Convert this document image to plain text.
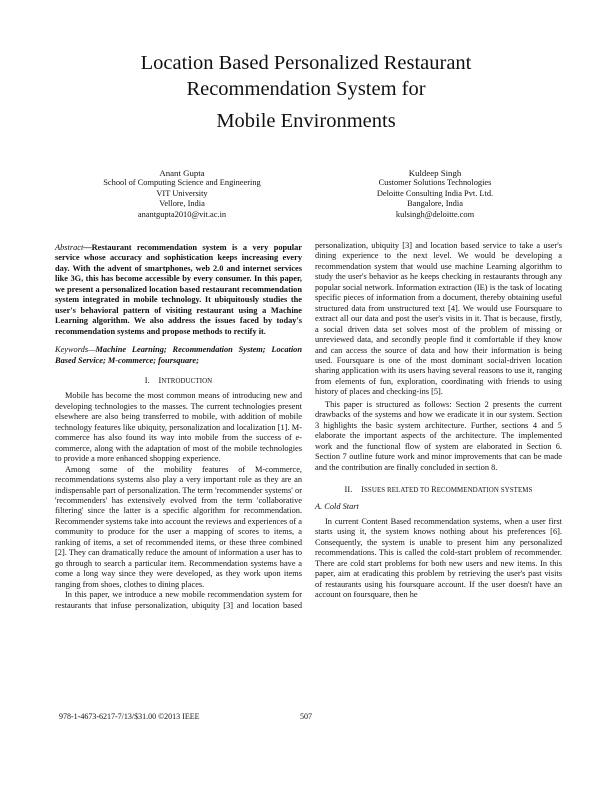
Location Based Personalized Restaurant
Recommendation System for
Mobile Environments
Anant Gupta
School of Computing Science and Engineering
VIT University
Vellore, India
anantgupta2010@vit.ac.in
Kuldeep Singh
Customer Solutions Technologies
Deloitte Consulting India Pvt. Ltd.
Bangalore, India
kulsingh@deloitte.com

Abstract—Restaurant recommendation system is a very popular service whose accuracy and sophistication keeps increasing every day. With the advent of smartphones, web 2.0 and internet services like 3G, this has become accessible by every consumer. In this paper, we present a personalized location based restaurant recommendation system integrated in mobile technology. It ubiquitously studies the user's behavioral pattern of visiting restaurant using a Machine Learning algorithm. We also address the issues faced by today's recommendation systems and propose methods to rectify it.

Keywords—Machine Learning; Recommendation System; Location Based Service; M-commerce; foursquare;

I. INTRODUCTION

Mobile has become the most common means of introducing new and developing technologies to the masses. The current technologies present elsewhere are also being transferred to mobile, with addition of mobile technology features like ubiquity, personalization and localization [1]. M-commerce has also found its way into mobile from the success of e-commerce, along with the adaptation of most of the mobile technologies to provide a more enhanced shopping experience.

Among some of the mobility features of M-commerce, recommendations systems also play a very important role as they are an indispensable part of personalization. The term 'recommender systems' or 'recommenders' has extensively evolved from the term 'collaborative filtering' since the latter is a specific algorithm for recommendation. Recommender systems take into account the reviews and experiences of a community to produce for the user a mapping of scores to items, a ranking of items, a set of recommended items, or these three combined [2]. They can dramatically reduce the amount of information a user has to go through to search a particular item. Recommendation systems have a come a long way since they were developed, as they work upon items ranging from shoes, clothes to dining places.

In this paper, we introduce a new mobile recommendation system for restaurants that infuse personalization, ubiquity [3] and location based

personalization, ubiquity [3] and location based service to take a user's dining experience to the next level. We would be developing a recommendation system that would use machine Learning algorithm to study the user's behavior as he keeps checking in restaurants through any popular social network. Information extraction (IE) is the task of locating specific pieces of information from a document, thereby obtaining useful structured data from unstructured text [4]. We would use Foursquare to extract all our data and post the user's visits in it. That is because, firstly, a social driven data set solves most of the problem of missing or unreviewed data, and secondly people find it comfortable if they know and can access the source of data and how their information is being used. Foursquare is one of the most dominant social-driven location sharing application with its users having several reasons to use it, ranging from elements of fun, exploration, coordinating with friends to using history of places and checking-ins [5].

This paper is structured as follows: Section 2 presents the current drawbacks of the systems and how we eradicate it in our system. Section 3 highlights the basic system architecture. Further, sections 4 and 5 elaborate the important aspects of the architecture. The implemented work and the functional flow of system are elaborated in Section 6. Section 7 outline future work and minor improvements that can be made and the contribution are finally concluded in section 8.

II. ISSUES RELATED TO RECOMMENDATION SYSTEMS
A. Cold Start

In current Content Based recommendation systems, when a user first starts using it, the system knows nothing about his preferences [6]. Consequently, the system is unable to present him any personalized recommendations. This is called the cold-start problem of recommender. There are cold start problems for both new users and new items. In this paper, aim at eradicating this problem by retrieving the user's past visits of restaurants using his foursquare account. If the user doesn't have an account on foursquare, then he

978-1-4673-6217-7/13/$31.00 ©2013 IEEE	507
